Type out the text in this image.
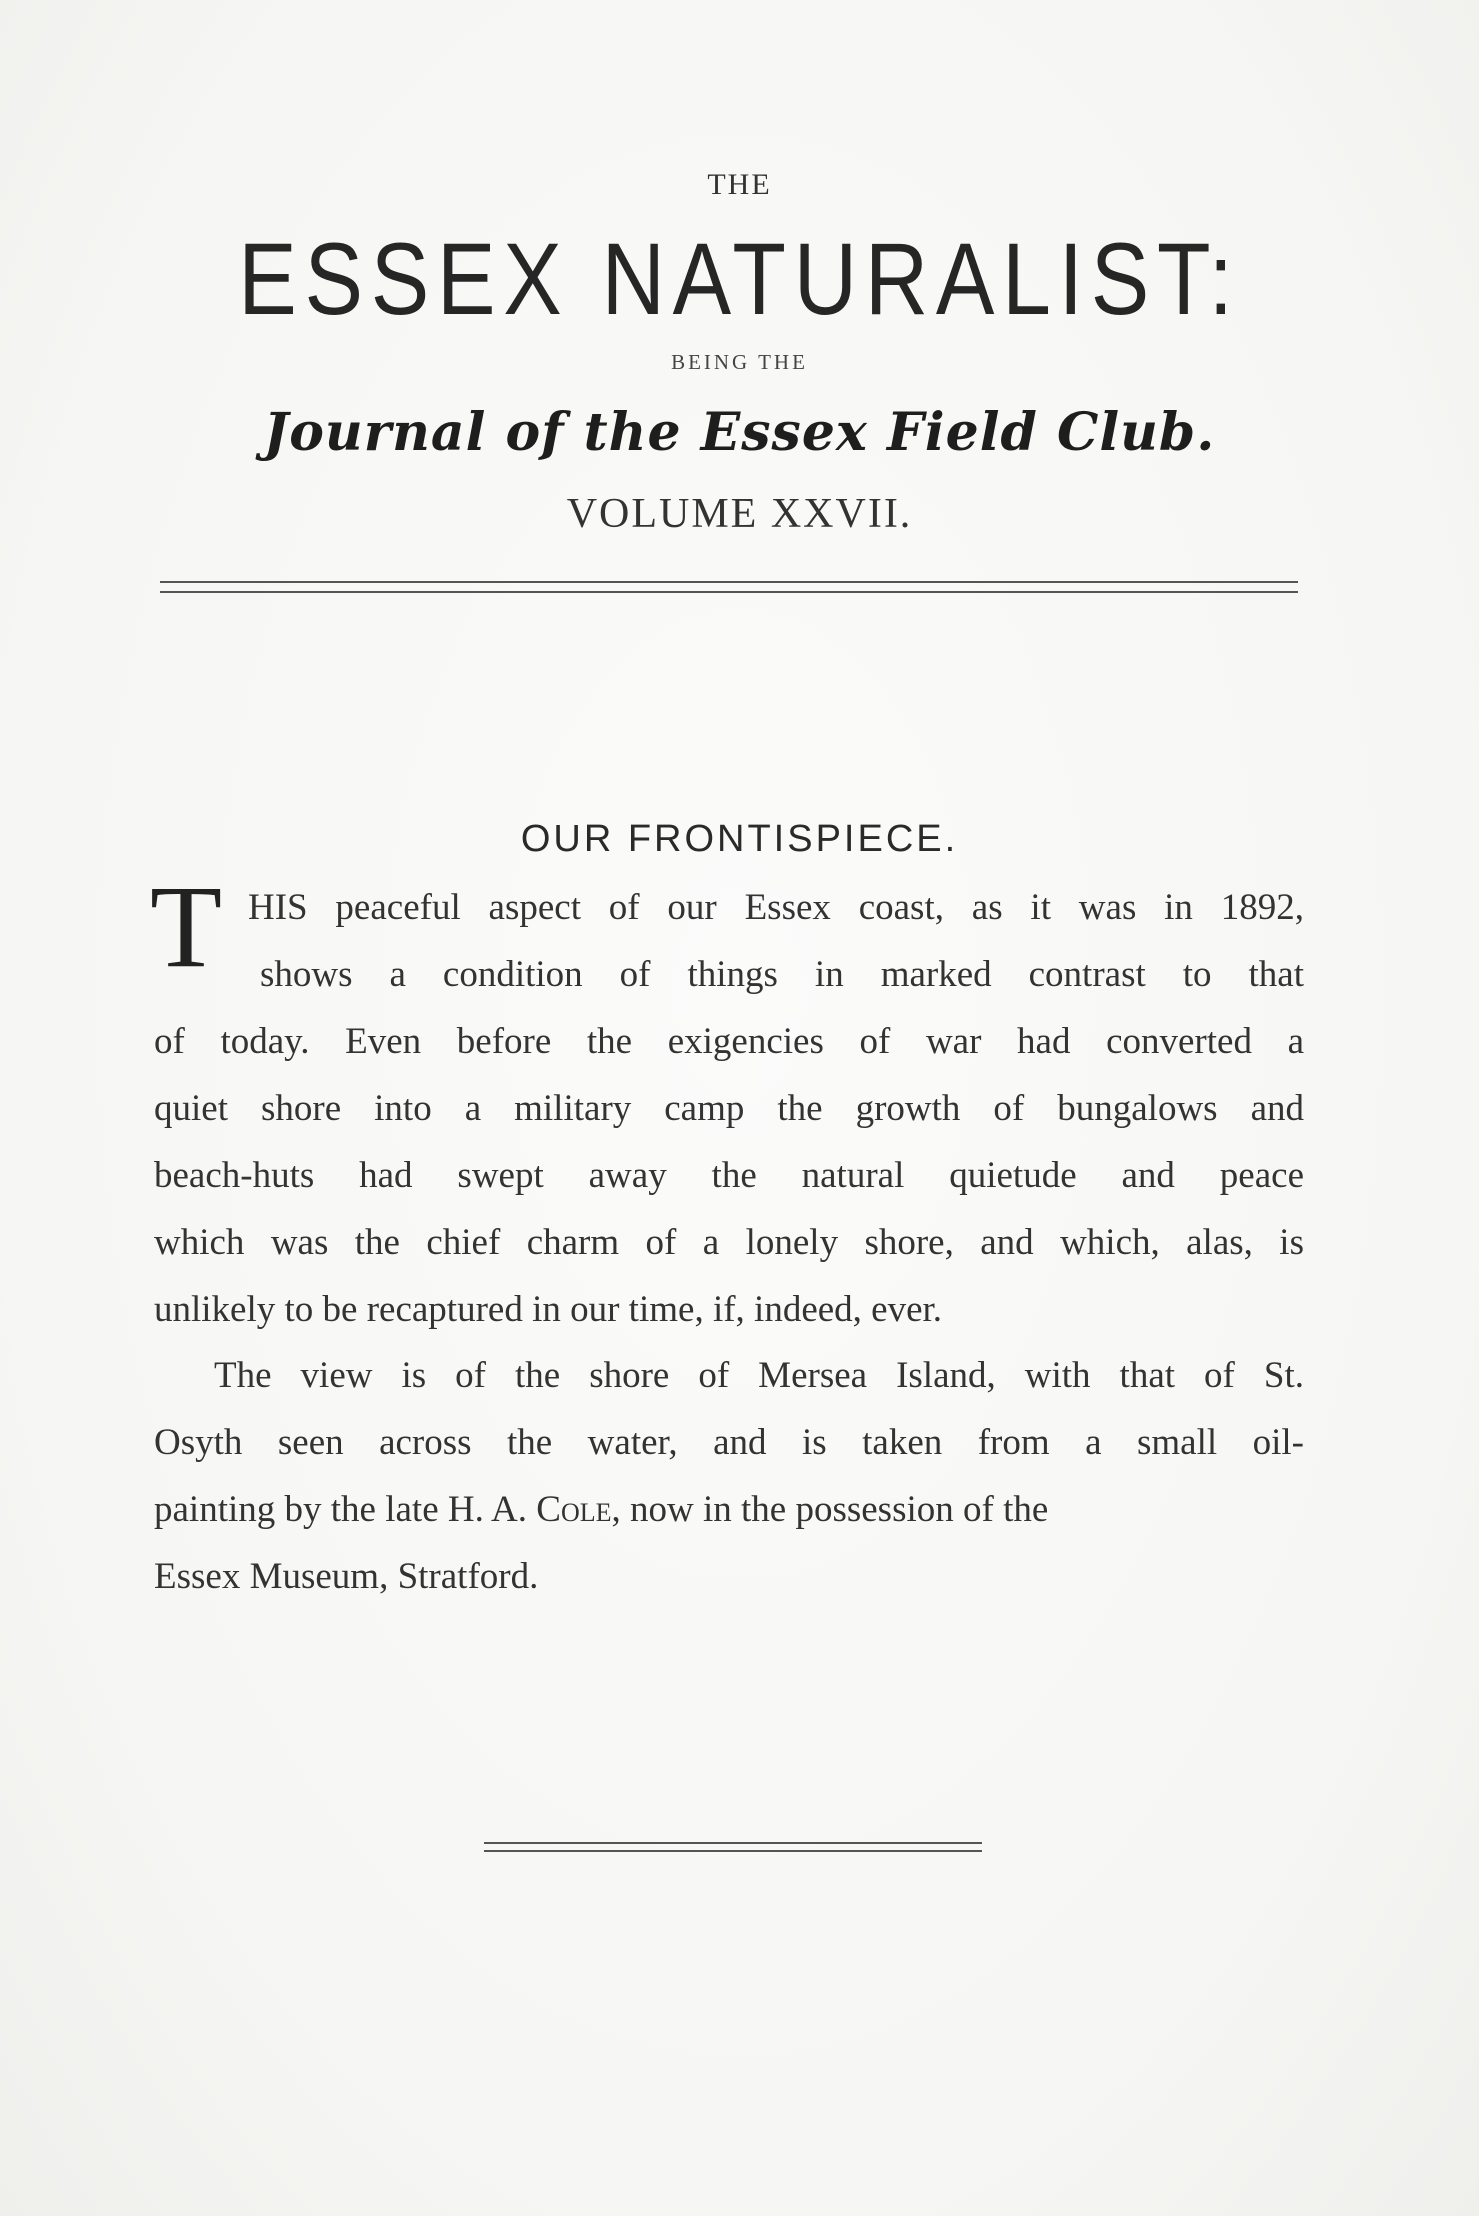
THE
ESSEX NATURALIST:
BEING THE
Journal of the Essex Field Club.
VOLUME XXVII.
OUR FRONTISPIECE.
T HIS peaceful aspect of our Essex coast, as it was in 1892,
shows a condition of things in marked contrast to that
of today. Even before the exigencies of war had converted a
quiet shore into a military camp the growth of bungalows and
beach-huts had swept away the natural quietude and peace
which was the chief charm of a lonely shore, and which, alas, is
unlikely to be recaptured in our time, if, indeed, ever.
The view is of the shore of Mersea Island, with that of St.
Osyth seen across the water, and is taken from a small oil-
painting by the late H. A. Cole, now in the possession of the
Essex Museum, Stratford.
